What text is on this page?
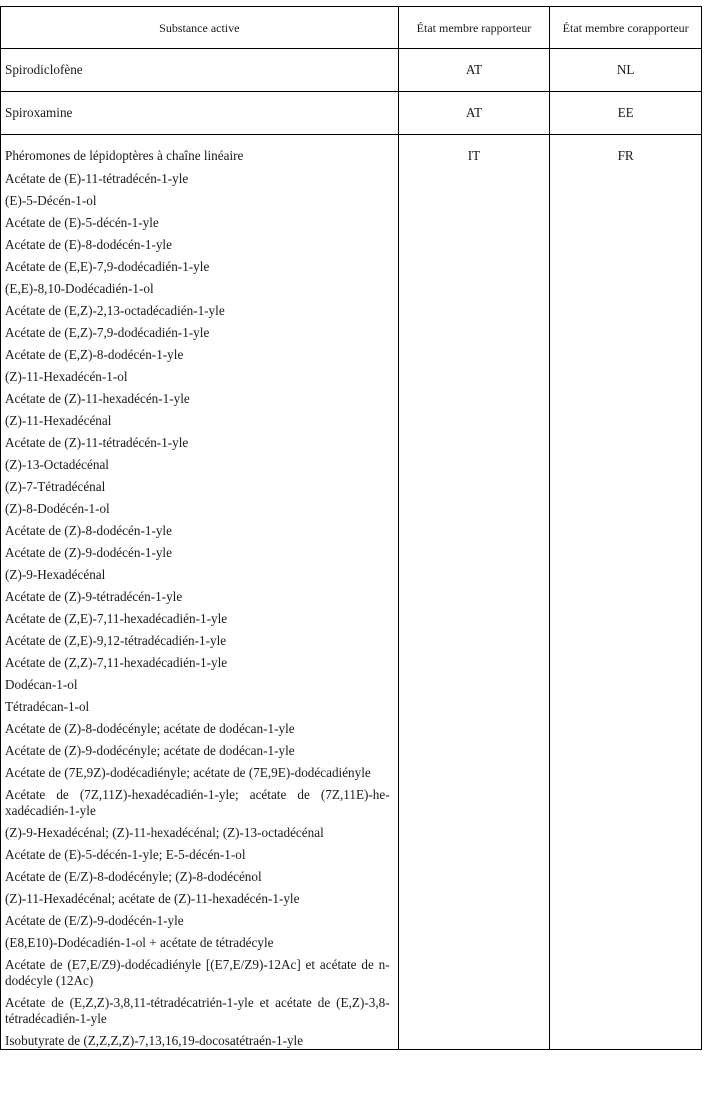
Substance active	État membre rapporteur	État membre corapporteur
Spirodiclofène	AT	NL
Spiroxamine	AT	EE
Phéromones de lépidoptères à chaîne linéaire	IT	FR
Acétate de (E)-11-tétradécén-1-yle		
(E)-5-Décén-1-ol		
Acétate de (E)-5-décén-1-yle		
Acétate de (E)-8-dodécén-1-yle		
Acétate de (E,E)-7,9-dodécadién-1-yle		
(E,E)-8,10-Dodécadién-1-ol		
Acétate de (E,Z)-2,13-octadécadién-1-yle		
Acétate de (E,Z)-7,9-dodécadién-1-yle		
Acétate de (E,Z)-8-dodécén-1-yle		
(Z)-11-Hexadécén-1-ol		
Acétate de (Z)-11-hexadécén-1-yle		
(Z)-11-Hexadécénal		
Acétate de (Z)-11-tétradécén-1-yle		
(Z)-13-Octadécénal		
(Z)-7-Tétradécénal		
(Z)-8-Dodécén-1-ol		
Acétate de (Z)-8-dodécén-1-yle		
Acétate de (Z)-9-dodécén-1-yle		
(Z)-9-Hexadécénal		
Acétate de (Z)-9-tétradécén-1-yle		
Acétate de (Z,E)-7,11-hexadécadién-1-yle		
Acétate de (Z,E)-9,12-tétradécadién-1-yle		
Acétate de (Z,Z)-7,11-hexadécadién-1-yle		
Dodécan-1-ol		
Tétradécan-1-ol		
Acétate de (Z)-8-dodécényle; acétate de dodécan-1-yle		
Acétate de (Z)-9-dodécényle; acétate de dodécan-1-yle		
Acétate de (7E,9Z)-dodécadiényle; acétate de (7E,9E)-dodécadiényle		
Acétate de (7Z,11Z)-hexadécadién-1-yle; acétate de (7Z,11E)-hexadécadién-1-yle		
(Z)-9-Hexadécénal; (Z)-11-hexadécénal; (Z)-13-octadécénal		
Acétate de (E)-5-décén-1-yle; E-5-décén-1-ol		
Acétate de (E/Z)-8-dodécényle; (Z)-8-dodécénol		
(Z)-11-Hexadécénal; acétate de (Z)-11-hexadécén-1-yle		
Acétate de (E/Z)-9-dodécén-1-yle		
(E8,E10)-Dodécadién-1-ol + acétate de tétradécyle		
Acétate de (E7,E/Z9)-dodécadiényle [(E7,E/Z9)-12Ac] et acétate de n-dodécyle (12Ac)		
Acétate de (E,Z,Z)-3,8,11-tétradécatrién-1-yle et acétate de (E,Z)-3,8-tétradécadién-1-yle		
Isobutyrate de (Z,Z,Z,Z)-7,13,16,19-docosatétraén-1-yle		
